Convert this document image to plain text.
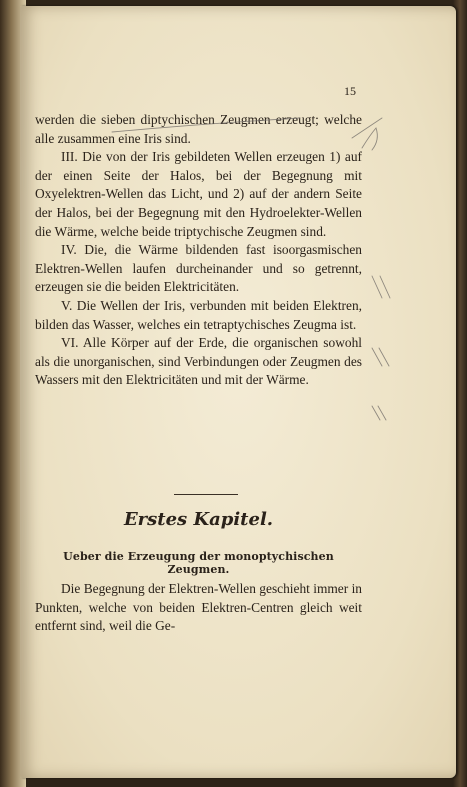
15

werden die sieben diptychischen Zeugmen erzeugt; welche alle zusammen eine Iris sind.

III. Die von der Iris gebildeten Wellen erzeugen 1) auf der einen Seite der Halos, bei der Begegnung mit Oxyelektren-Wellen das Licht, und 2) auf der andern Seite der Halos, bei der Begegnung mit den Hydroelekter-Wellen die Wärme, welche beide triptychische Zeugmen sind.

IV. Die, die Wärme bildenden fast isoorgasmischen Elektren-Wellen laufen durcheinander und so getrennt, erzeugen sie die beiden Elektricitäten.

V. Die Wellen der Iris, verbunden mit beiden Elektren, bilden das Wasser, welches ein tetraptychisches Zeugma ist.

VI. Alle Körper auf der Erde, die organischen sowohl als die unorganischen, sind Verbindungen oder Zeugmen des Wassers mit den Elektricitäten und mit der Wärme.

Erstes Kapitel.
Ueber die Erzeugung der monoptychischen Zeugmen.

Die Begegnung der Elektren-Wellen geschieht immer in Punkten, welche von beiden Elektren-Centren gleich weit entfernt sind, weil die Ge-
